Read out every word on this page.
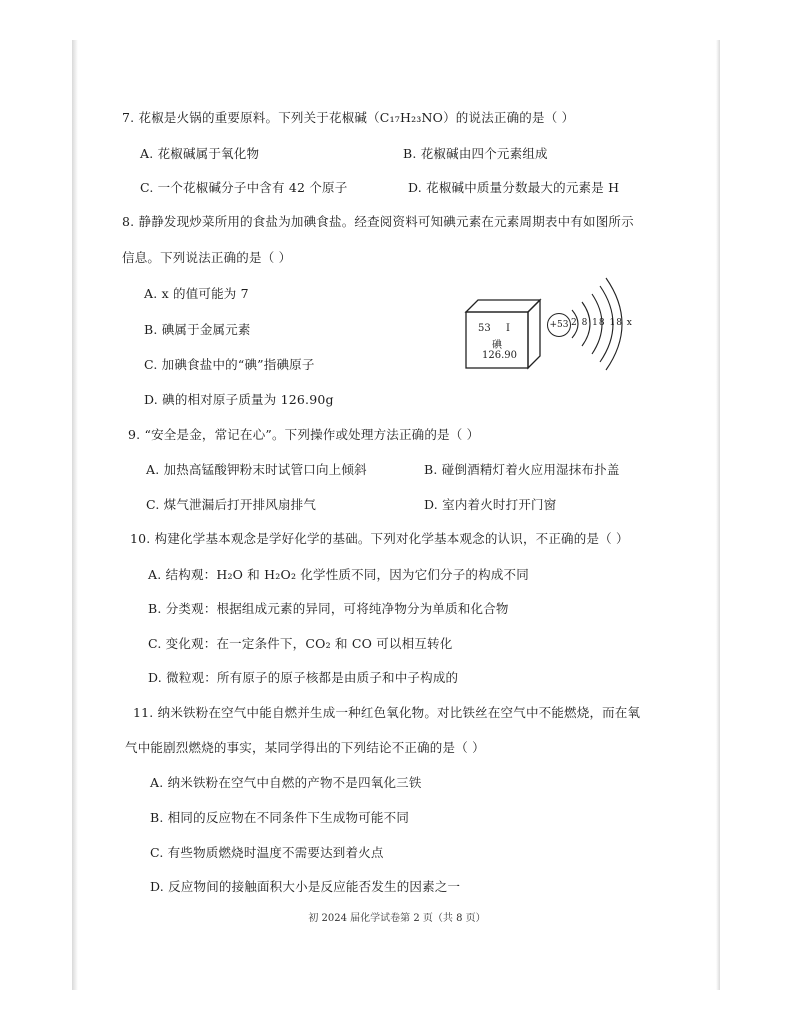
7. 花椒是火锅的重要原料。下列关于花椒碱（C₁₇H₂₃NO）的说法正确的是（ ）
A. 花椒碱属于氧化物	B. 花椒碱由四个元素组成
C. 一个花椒碱分子中含有 42 个原子	D. 花椒碱中质量分数最大的元素是 H
8. 静静发现炒菜所用的食盐为加碘食盐。经查阅资料可知碘元素在元素周期表中有如图所示
信息。下列说法正确的是（ ）
A. x 的值可能为 7
B. 碘属于金属元素
C. 加碘食盐中的“碘”指碘原子
D. 碘的相对原子质量为 126.90g
53 I
碘
126.90
+53 2 8 18 18 x
9. “安全是金，常记在心”。下列操作或处理方法正确的是（ ）
A. 加热高锰酸钾粉末时试管口向上倾斜	B. 碰倒酒精灯着火应用湿抹布扑盖
C. 煤气泄漏后打开排风扇排气	D. 室内着火时打开门窗
10. 构建化学基本观念是学好化学的基础。下列对化学基本观念的认识，不正确的是（ ）
A. 结构观：H₂O 和 H₂O₂ 化学性质不同，因为它们分子的构成不同
B. 分类观：根据组成元素的异同，可将纯净物分为单质和化合物
C. 变化观：在一定条件下，CO₂ 和 CO 可以相互转化
D. 微粒观：所有原子的原子核都是由质子和中子构成的
11. 纳米铁粉在空气中能自燃并生成一种红色氧化物。对比铁丝在空气中不能燃烧，而在氧
气中能剧烈燃烧的事实，某同学得出的下列结论不正确的是（ ）
A. 纳米铁粉在空气中自燃的产物不是四氧化三铁
B. 相同的反应物在不同条件下生成物可能不同
C. 有些物质燃烧时温度不需要达到着火点
D. 反应物间的接触面积大小是反应能否发生的因素之一
初 2024 届化学试卷第 2 页（共 8 页）
